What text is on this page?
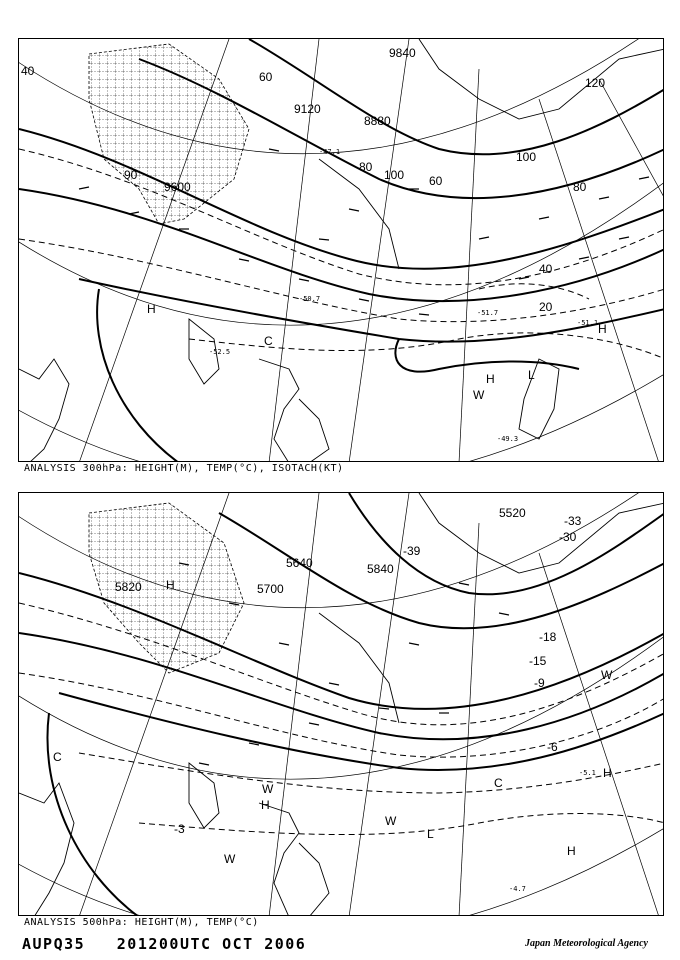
9600
8880
9120
9840
40	60
80
100
120
100
80
60
40
20
90
-52.5
-51.7
-50.7
-51.1
-47.1
-49.3
H
H
H	L
C
W
ANALYSIS 300hPa: HEIGHT(M), TEMP(°C), ISOTACH(KT)
5820	5700
5640
5520
5840
-33
-30
-39
-18
-15
-9
-6
-3
-4.7
-5.1
H
H
H
H
L
C
C
W
W
W
W
ANALYSIS 500hPa: HEIGHT(M), TEMP(°C)
AUPQ35 201200UTC OCT 2006	Japan Meteorological Agency
